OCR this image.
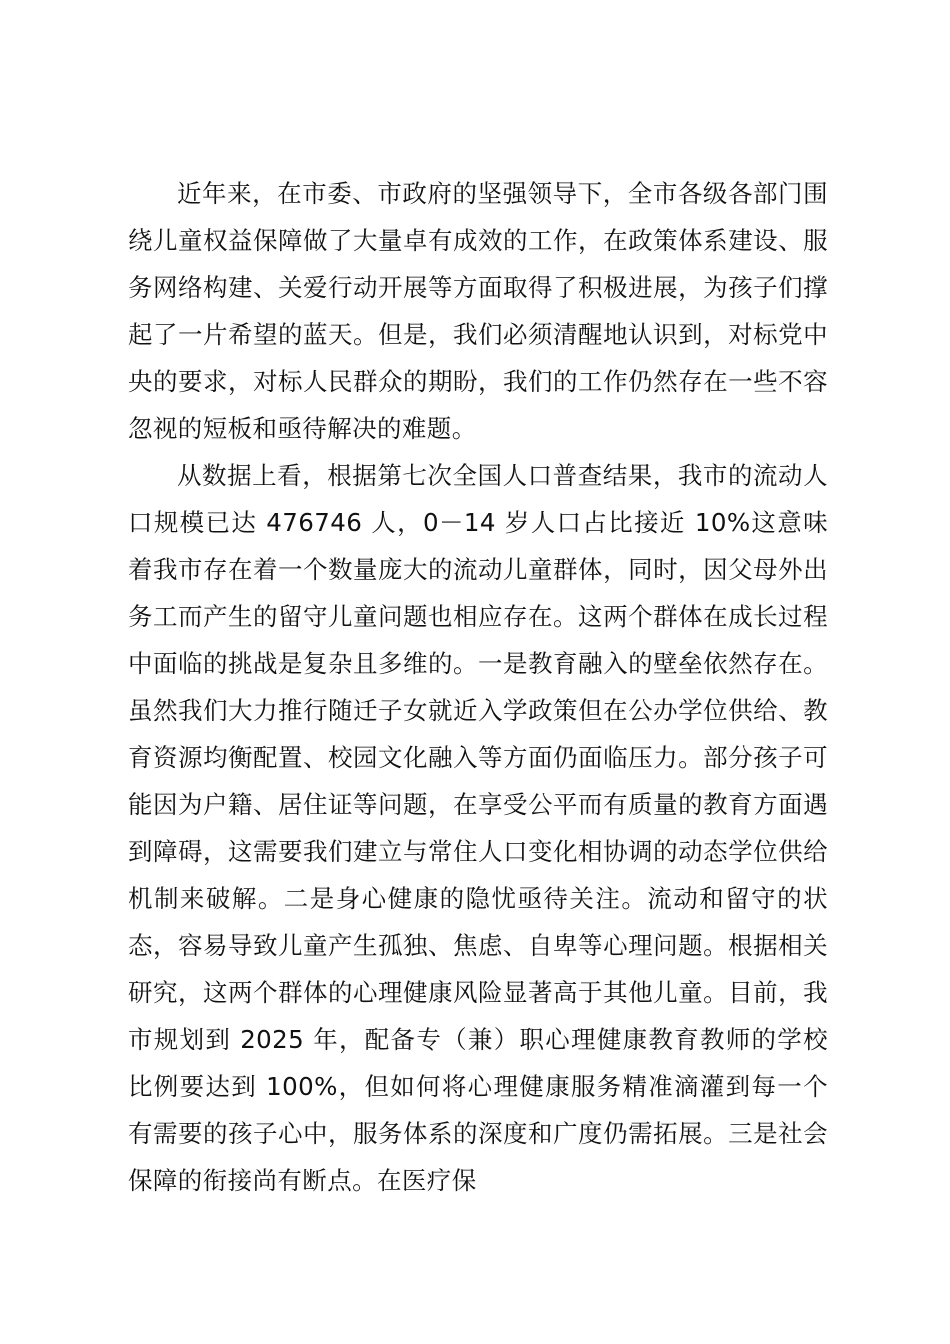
近年来，在市委、市政府的坚强领导下，全市各级各部门围绕儿童权益保障做了大量卓有成效的工作，在政策体系建设、服务网络构建、关爱行动开展等方面取得了积极进展，为孩子们撑起了一片希望的蓝天。但是，我们必须清醒地认识到，对标党中央的要求，对标人民群众的期盼，我们的工作仍然存在一些不容忽视的短板和亟待解决的难题。

从数据上看，根据第七次全国人口普查结果，我市的流动人口规模已达 476746 人，0－14 岁人口占比接近 10%这意味着我市存在着一个数量庞大的流动儿童群体，同时，因父母外出务工而产生的留守儿童问题也相应存在。这两个群体在成长过程中面临的挑战是复杂且多维的。一是教育融入的壁垒依然存在。虽然我们大力推行随迁子女就近入学政策但在公办学位供给、教育资源均衡配置、校园文化融入等方面仍面临压力。部分孩子可能因为户籍、居住证等问题，在享受公平而有质量的教育方面遇到障碍，这需要我们建立与常住人口变化相协调的动态学位供给机制来破解。二是身心健康的隐忧亟待关注。流动和留守的状态，容易导致儿童产生孤独、焦虑、自卑等心理问题。根据相关研究，这两个群体的心理健康风险显著高于其他儿童。目前，我市规划到 2025 年，配备专（兼）职心理健康教育教师的学校比例要达到 100%，但如何将心理健康服务精准滴灌到每一个有需要的孩子心中，服务体系的深度和广度仍需拓展。三是社会保障的衔接尚有断点。在医疗保
